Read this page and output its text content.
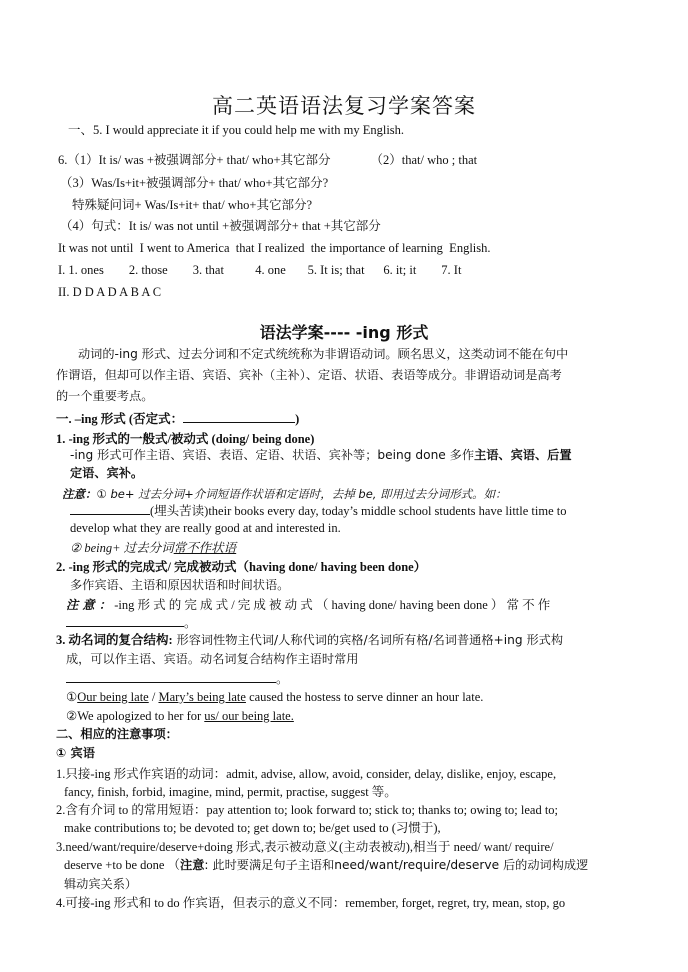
高二英语语法复习学案答案
一、5. I would appreciate it if you could help me with my English.
6.（1）It is/ was +被强调部分+ that/ who+其它部分	（2）that/ who ; that
（3）Was/Is+it+被强调部分+ that/ who+其它部分?
特殊疑问词+ Was/Is+it+ that/ who+其它部分?
（4）句式：It is/ was not until +被强调部分+ that +其它部分
It was not until  I went to America  that I realized  the importance of learning  English.
I. 1. ones        2. those        3. that          4. one       5. It is; that      6. it; it        7. It
II. D D A D A B A C
语法学案---- -ing 形式
动词的-ing 形式、过去分词和不定式统统称为非谓语动词。顾名思义，这类动词不能在句中
作谓语，但却可以作主语、宾语、宾补（主补）、定语、状语、表语等成分。非谓语动词是高考
的一个重要考点。
一. –ing 形式 (否定式：	)
1. -ing 形式的一般式/被动式 (doing/ being done)
-ing 形式可作主语、宾语、表语、定语、状语、宾补等；being done 多作主语、宾语、后置
定语、宾补。
注意：① be+ 过去分词+介词短语作状语和定语时，去掉 be, 即用过去分词形式。如：
(埋头苦读)their books every day, today’s middle school students have little time to
develop what they are really good at and interested in.
② being+ 过去分词常不作状语
2. -ing 形式的完成式/ 完成被动式（having done/ having been done）
多作宾语、主语和原因状语和时间状语。
注 意 ： -ing 形 式 的 完 成 式 / 完 成 被 动 式 （ having done/ having been done ） 常 不 作
。
3. 动名词的复合结构: 形容词性物主代词/人称代词的宾格/名词所有格/名词普通格+ing 形式构
成，可以作主语、宾语。动名词复合结构作主语时常用
。
①Our being late / Mary’s being late caused the hostess to serve dinner an hour late.
②We apologized to her for us/ our being late.
二、相应的注意事项：
① 宾语
1.只接-ing 形式作宾语的动词：admit, advise, allow, avoid, consider, delay, dislike, enjoy, escape,
fancy, finish, forbid, imagine, mind, permit, practise, suggest 等。
2.含有介词 to 的常用短语：pay attention to; look forward to; stick to; thanks to; owing to; lead to;
make contributions to; be devoted to; get down to; be/get used to (习惯于),
3.need/want/require/deserve+doing 形式,表示被动意义(主动表被动),相当于 need/ want/ require/
deserve +to be done （注意: 此时要满足句子主语和need/want/require/deserve 后的动词构成逻
辑动宾关系）
4.可接-ing 形式和 to do 作宾语，但表示的意义不同：remember, forget, regret, try, mean, stop, go
